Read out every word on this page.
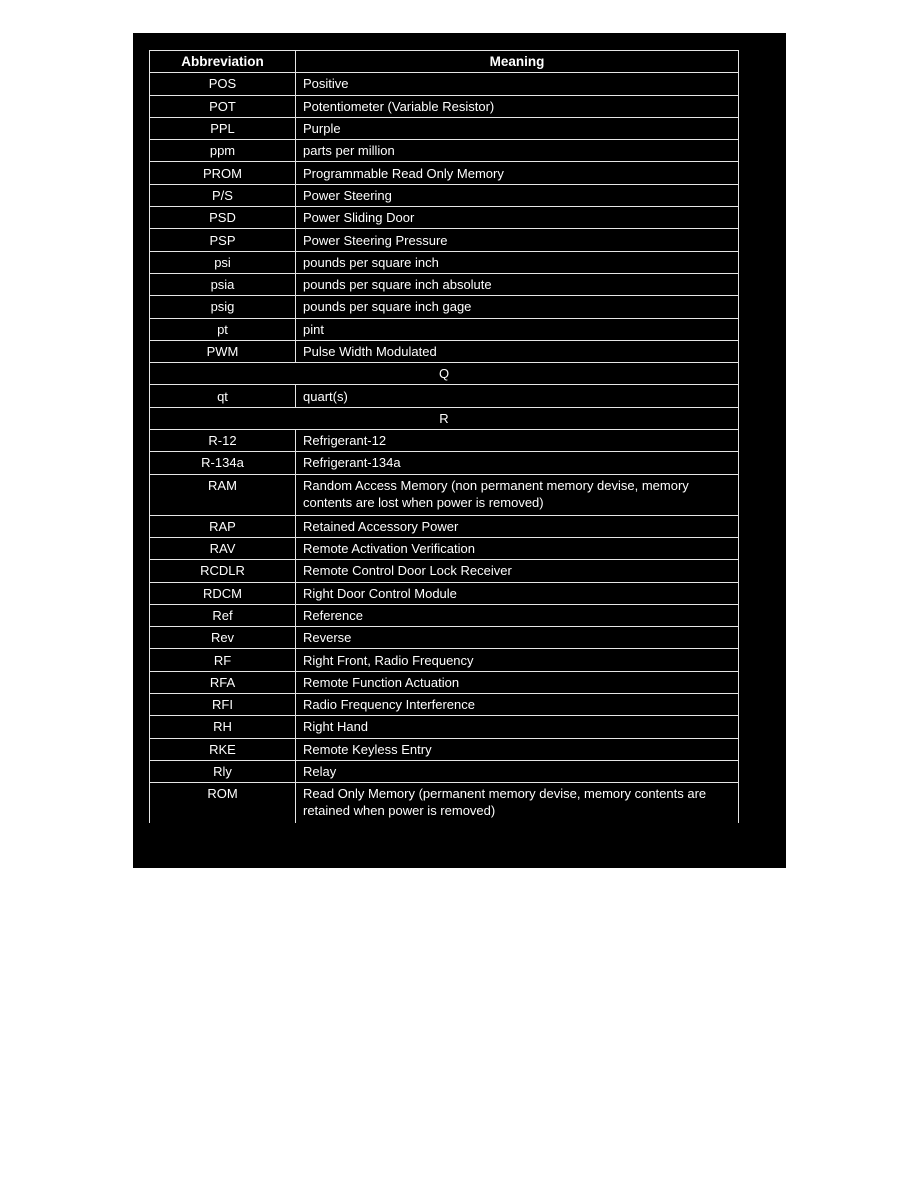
Abbreviation	Meaning
POS	Positive
POT	Potentiometer (Variable Resistor)
PPL	Purple
ppm	parts per million
PROM	Programmable Read Only Memory
P/S	Power Steering
PSD	Power Sliding Door
PSP	Power Steering Pressure
psi	pounds per square inch
psia	pounds per square inch absolute
psig	pounds per square inch gage
pt	pint
PWM	Pulse Width Modulated
Q	
qt	quart(s)
R	
R-12	Refrigerant-12
R-134a	Refrigerant-134a
RAM	Random Access Memory (non permanent memory devise, memory contents are lost when power is removed)
RAP	Retained Accessory Power
RAV	Remote Activation Verification
RCDLR	Remote Control Door Lock Receiver
RDCM	Right Door Control Module
Ref	Reference
Rev	Reverse
RF	Right Front, Radio Frequency
RFA	Remote Function Actuation
RFI	Radio Frequency Interference
RH	Right Hand
RKE	Remote Keyless Entry
Rly	Relay
ROM	Read Only Memory (permanent memory devise, memory contents are retained when power is removed)
